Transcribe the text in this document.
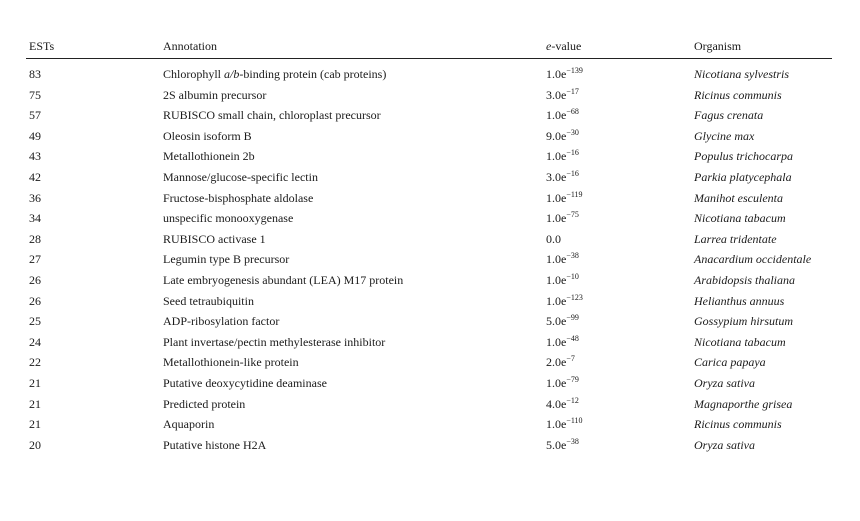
ESTs	Annotation	e-value	Organism
83	Chlorophyll a/b-binding protein (cab proteins)	$1.0e^{-139}$	Nicotiana sylvestris
75	2S albumin precursor	$3.0e^{-17}$	Ricinus communis
57	RUBISCO small chain, chloroplast precursor	$1.0e^{-68}$	Fagus crenata
49	Oleosin isoform B	$9.0e^{-30}$	Glycine max
43	Metallothionein 2b	$1.0e^{-16}$	Populus trichocarpa
42	Mannose/glucose-specific lectin	$3.0e^{-16}$	Parkia platycephala
36	Fructose-bisphosphate aldolase	$1.0e^{-119}$	Manihot esculenta
34	unspecific monooxygenase	$1.0e^{-75}$	Nicotiana tabacum
28	RUBISCO activase 1	0.0	Larrea tridentate
27	Legumin type B precursor	$1.0e^{-38}$	Anacardium occidentale
26	Late embryogenesis abundant (LEA) M17 protein	$1.0e^{-10}$	Arabidopsis thaliana
26	Seed tetraubiquitin	$1.0e^{-123}$	Helianthus annuus
25	ADP-ribosylation factor	$5.0e^{-99}$	Gossypium hirsutum
24	Plant invertase/pectin methylesterase inhibitor	$1.0e^{-48}$	Nicotiana tabacum
22	Metallothionein-like protein	$2.0e^{-7}$	Carica papaya
21	Putative deoxycytidine deaminase	$1.0e^{-79}$	Oryza sativa
21	Predicted protein	$4.0e^{-12}$	Magnaporthe grisea
21	Aquaporin	$1.0e^{-110}$	Ricinus communis
20	Putative histone H2A	$5.0e^{-38}$	Oryza sativa
